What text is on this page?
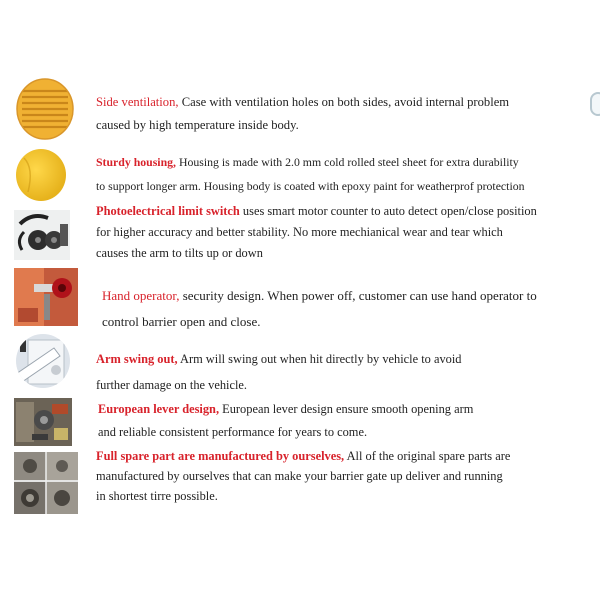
Side ventilation, Case with ventilation holes on both sides, avoid internal problem
caused by high temperature inside body.
Sturdy housing, Housing is made with 2.0 mm cold rolled steel sheet for extra durability
to support longer arm. Housing body is coated with epoxy paint for weatherprof protection
Photoelectrical limit switch uses smart motor counter to auto detect open/close position
for higher accuracy and better stability. No more mechianical wear and tear which
causes the arm to tilts up or down
Hand operator, security design. When power off, customer can use hand operator to
control barrier open and close.
Arm swing out, Arm will swing out when hit directly by vehicle to avoid
further damage on the vehicle.
European lever design, European lever design ensure smooth opening arm
and reliable consistent performance for years to come.
Full spare part are manufactured by ourselves, All of the original spare parts are
manufactured by ourselves that can make your barrier gate up deliver and running
in shortest tirre possible.
